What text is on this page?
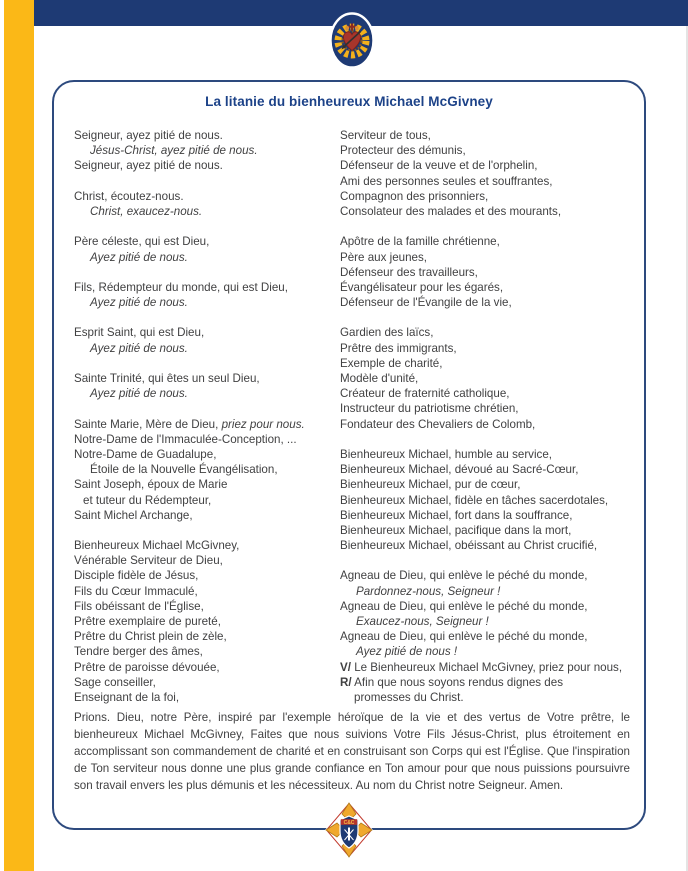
La litanie du bienheureux Michael McGivney
Seigneur, ayez pitié de nous.
Jésus-Christ, ayez pitié de nous.
Seigneur, ayez pitié de nous.

Christ, écoutez-nous.
Christ, exaucez-nous.

Père céleste, qui est Dieu,
Ayez pitié de nous.

Fils, Rédempteur du monde, qui est Dieu,
Ayez pitié de nous.

Esprit Saint, qui est Dieu,
Ayez pitié de nous.

Sainte Trinité, qui êtes un seul Dieu,
Ayez pitié de nous.

Sainte Marie, Mère de Dieu, priez pour nous.
Notre-Dame de l'Immaculée-Conception, ...
Notre-Dame de Guadalupe,
Étoile de la Nouvelle Évangélisation,
Saint Joseph, époux de Marie
et tuteur du Rédempteur,
Saint Michel Archange,

Bienheureux Michael McGivney,
Vénérable Serviteur de Dieu,
Disciple fidèle de Jésus,
Fils du Cœur Immaculé,
Fils obéissant de l'Église,
Prêtre exemplaire de pureté,
Prêtre du Christ plein de zèle,
Tendre berger des âmes,
Prêtre de paroisse dévouée,
Sage conseiller,
Enseignant de la foi,
Serviteur de tous,
Protecteur des démunis,
Défenseur de la veuve et de l'orphelin,
Ami des personnes seules et souffrantes,
Compagnon des prisonniers,
Consolateur des malades et des mourants,

Apôtre de la famille chrétienne,
Père aux jeunes,
Défenseur des travailleurs,
Évangélisateur pour les égarés,
Défenseur de l'Évangile de la vie,

Gardien des laïcs,
Prêtre des immigrants,
Exemple de charité,
Modèle d'unité,
Créateur de fraternité catholique,
Instructeur du patriotisme chrétien,
Fondateur des Chevaliers de Colomb,

Bienheureux Michael, humble au service,
Bienheureux Michael, dévoué au Sacré-Cœur,
Bienheureux Michael, pur de cœur,
Bienheureux Michael, fidèle en tâches sacerdotales,
Bienheureux Michael, fort dans la souffrance,
Bienheureux Michael, pacifique dans la mort,
Bienheureux Michael, obéissant au Christ crucifié,

Agneau de Dieu, qui enlève le péché du monde,
Pardonnez-nous, Seigneur !
Agneau de Dieu, qui enlève le péché du monde,
Exaucez-nous, Seigneur !
Agneau de Dieu, qui enlève le péché du monde,
Ayez pitié de nous !
V/ Le Bienheureux Michael McGivney, priez pour nous,
R/ Afin que nous soyons rendus dignes des
promesses du Christ.

Prions. Dieu, notre Père, inspiré par l'exemple héroïque de la vie et des vertus de Votre prêtre, le bienheureux Michael McGivney, Faites que nous suivions Votre Fils Jésus-Christ, plus étroitement en accomplissant son commandement de charité et en construisant son Corps qui est l'Église. Que l'inspiration de Ton serviteur nous donne une plus grande confiance en Ton amour pour que nous puissions poursuivre son travail envers les plus démunis et les nécessiteux. Au nom du Christ notre Seigneur. Amen.

C&C
